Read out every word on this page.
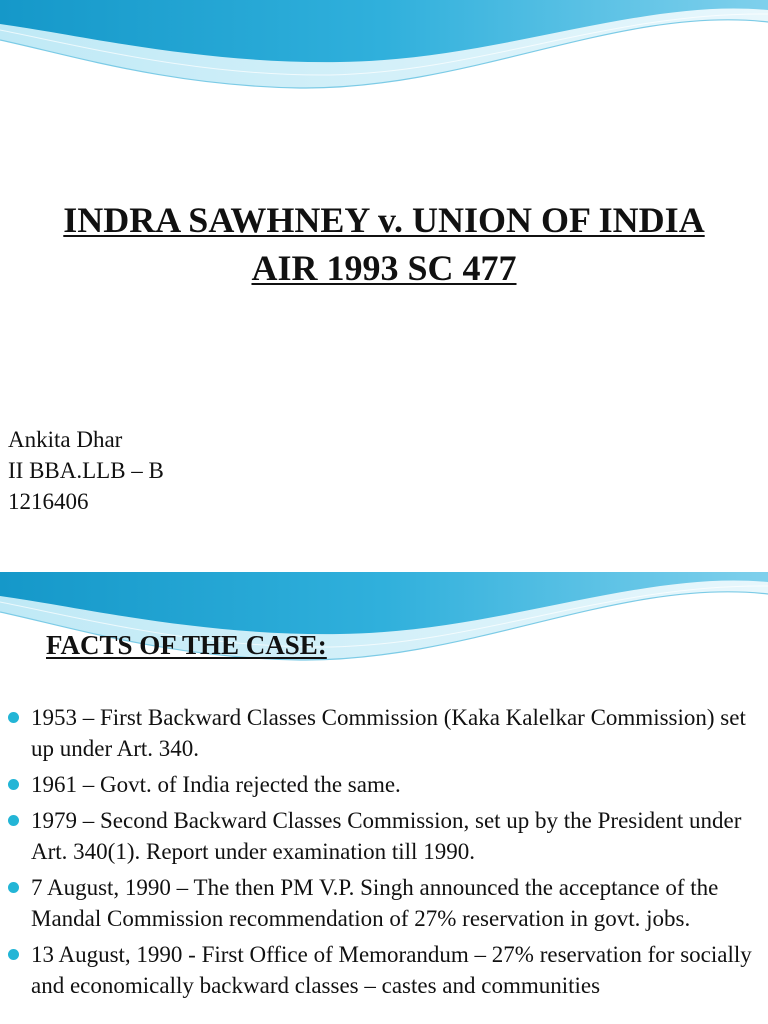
INDRA SAWHNEY v. UNION OF INDIA
AIR 1993 SC 477
Ankita Dhar
II BBA.LLB – B
1216406
FACTS OF THE CASE:
1953 – First Backward Classes Commission (Kaka Kalelkar Commission) set up under Art. 340.
1961 – Govt. of India rejected the same.
1979 – Second Backward Classes Commission, set up by the President under Art. 340(1). Report under examination till 1990.
7 August, 1990 – The then PM V.P. Singh announced the acceptance of the Mandal Commission recommendation of 27% reservation in govt. jobs.
13 August, 1990 - First Office of Memorandum – 27% reservation for socially and economically backward classes – castes and communities
